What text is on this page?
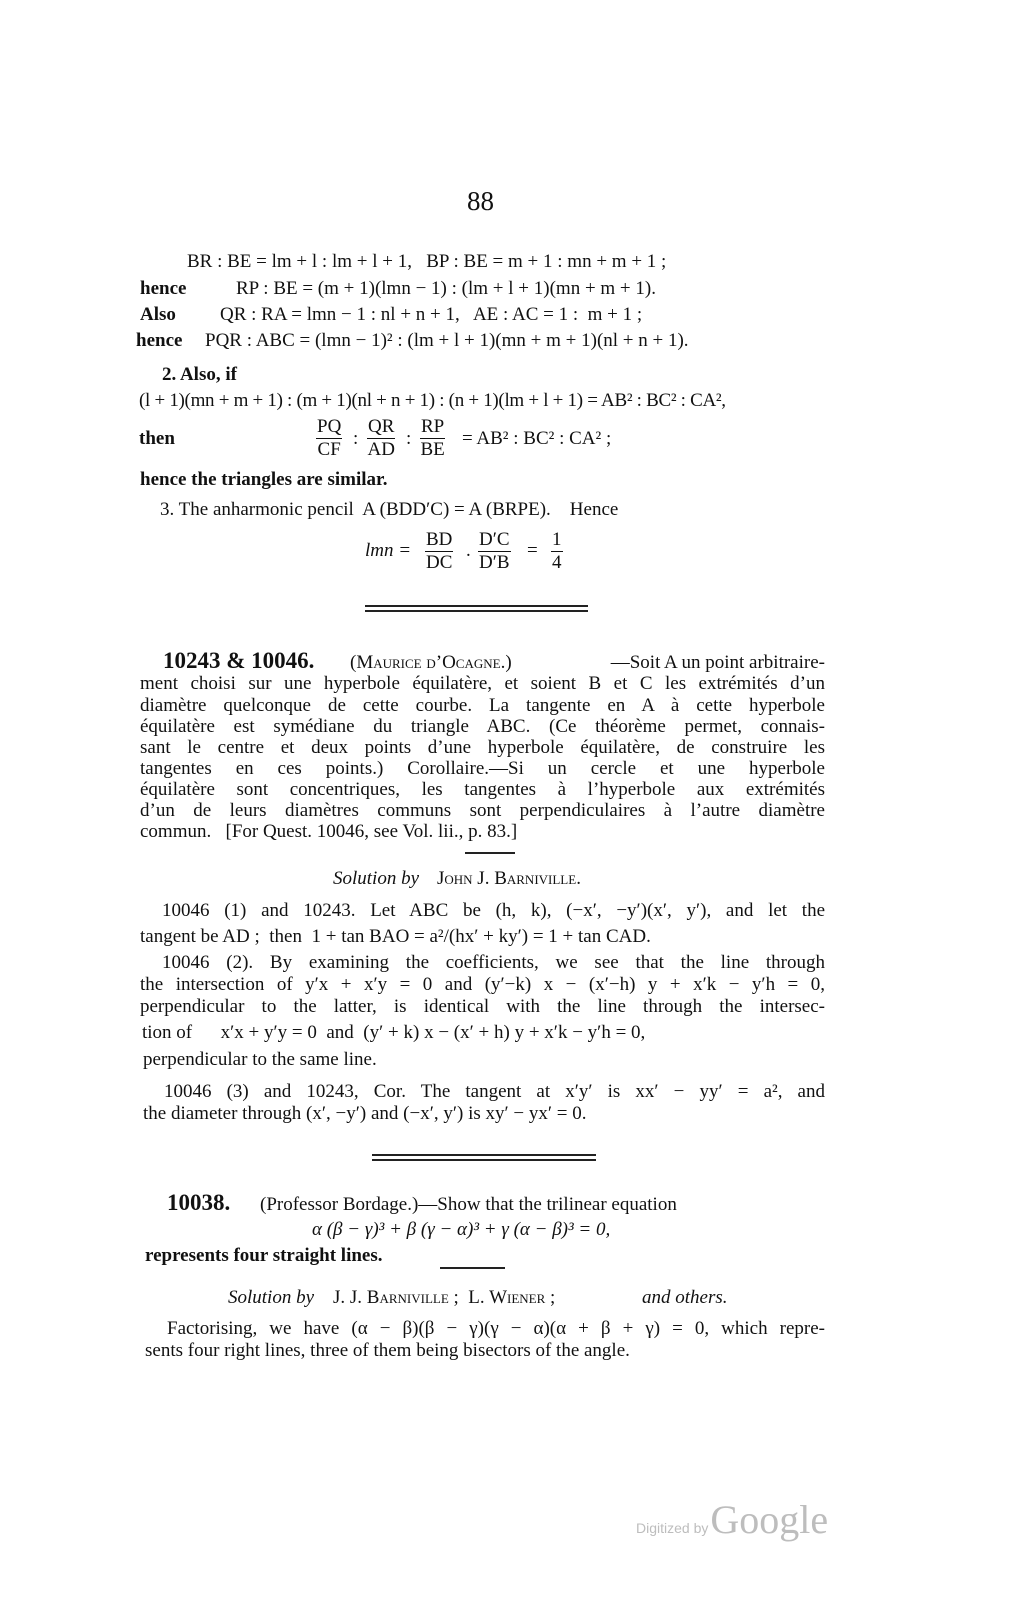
88
BR : BE = lm + l : lm + l + 1,   BP : BE = m + 1 : mn + m + 1 ;
hence	RP : BE = (m + 1)(lmn − 1) : (lm + l + 1)(mn + m + 1).
Also QR : RA = lmn − 1 : nl + n + 1,   AE : AC = 1 :  m + 1 ;
hence PQR : ABC = (lmn − 1)² : (lm + l + 1)(mn + m + 1)(nl + n + 1).
2. Also, if
(l + 1)(mn + m + 1) : (m + 1)(nl + n + 1) : (n + 1)(lm + l + 1) = AB² : BC² : CA²,
then	$\frac{PQ}{CF}$ : $\frac{QR}{AD}$ : $\frac{RP}{BE} = AB^2$ : BC² : CA² ;
hence the triangles are similar.
3. The anharmonic pencil  A (BDD′C) = A (BRPE).    Hence
lmn = $\frac{BD}{DC}$ . $\frac{D'C}{D'B} = \frac{1}{4}$
10243 & 10046. (Maurice d’Ocagne.)	—Soit A un point arbitraire-
ment choisi sur une hyperbole équilatère, et soient B et C les extrémités d’un
diamètre quelconque de cette courbe. La tangente en A à cette hyperbole
équilatère est symédiane du triangle ABC. (Ce théorème permet, connais-
sant le centre et deux points d’une hyperbole équilatère, de construire les
tangentes en ces points.) Corollaire.—Si un cercle et une hyperbole
équilatère sont concentriques, les tangentes à l’hyperbole aux extrémités
d’un de leurs diamètres communs sont perpendiculaires à l’autre diamètre
commun.   [For Quest. 10046, see Vol. lii., p. 83.]
Solution by John J. Barniville.
10046 (1) and 10243. Let ABC be (h, k), (−x′, −y′)(x′, y′), and let the
tangent be AD ;  then  1 + tan BAO = a²/(hx′ + ky′) = 1 + tan CAD.
10046 (2). By examining the coefficients, we see that the line through
the intersection of y′x + x′y = 0 and (y′−k) x − (x′−h) y + x′k − y′h = 0,
perpendicular to the latter, is identical with the line through the intersec-
tion of      x′x + y′y = 0  and  (y′ + k) x − (x′ + h) y + x′k − y′h = 0,
perpendicular to the same line.
10046 (3) and 10243, Cor. The tangent at x′y′ is xx′ − yy′ = a², and
the diameter through (x′, −y′) and (−x′, y′) is xy′ − yx′ = 0.
10038. (Professor Bordage.)—Show that the trilinear equation
α (β − γ)³ + β (γ − α)³ + γ (α − β)³ = 0,
represents four straight lines.
Solution by J. J. Barniville ;  L. Wiener ;	and others.
Factorising, we have (α − β)(β − γ)(γ − α)(α + β + γ) = 0, which repre-
sents four right lines, three of them being bisectors of the angle.
Digitized byGoogle
